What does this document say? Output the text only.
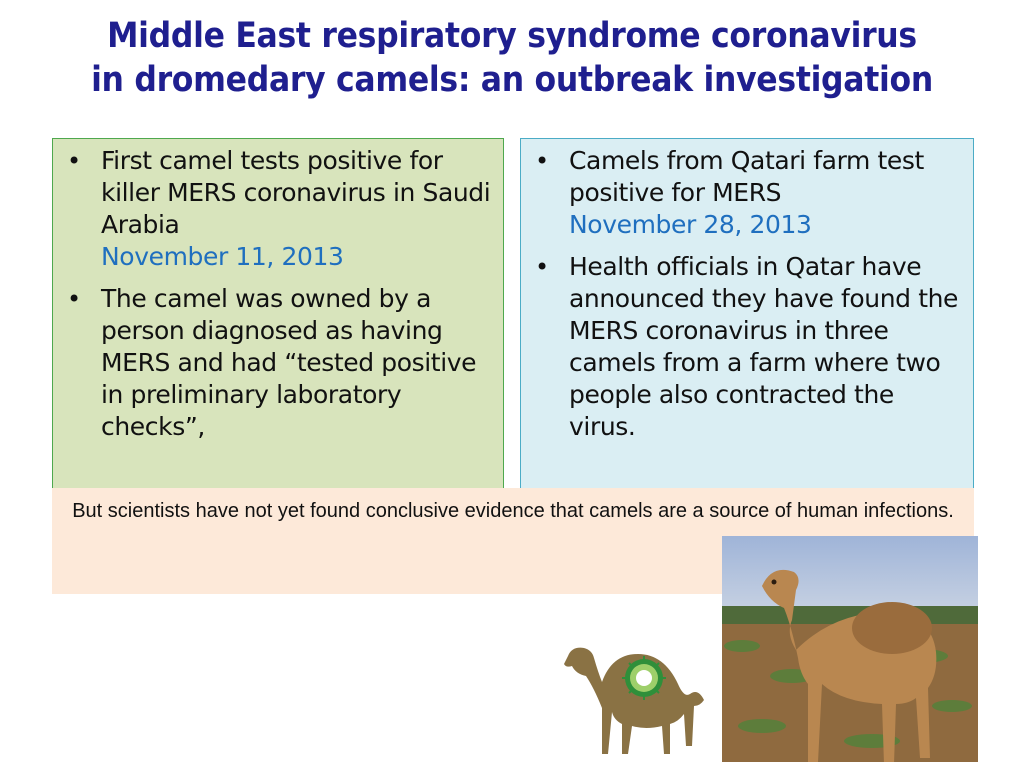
Middle East respiratory syndrome coronavirus
in dromedary camels: an outbreak investigation
• First camel tests positive for killer MERS coronavirus in Saudi Arabia
November 11, 2013
• The camel was owned by a person diagnosed as having MERS and had “tested positive in preliminary laboratory checks”,
• Camels from Qatari farm test positive for MERS
November 28, 2013
• Health officials in Qatar have announced they have found the MERS coronavirus in three camels from a farm where two people also contracted the virus.
But scientists have not yet found conclusive evidence that camels are a source of human infections.
